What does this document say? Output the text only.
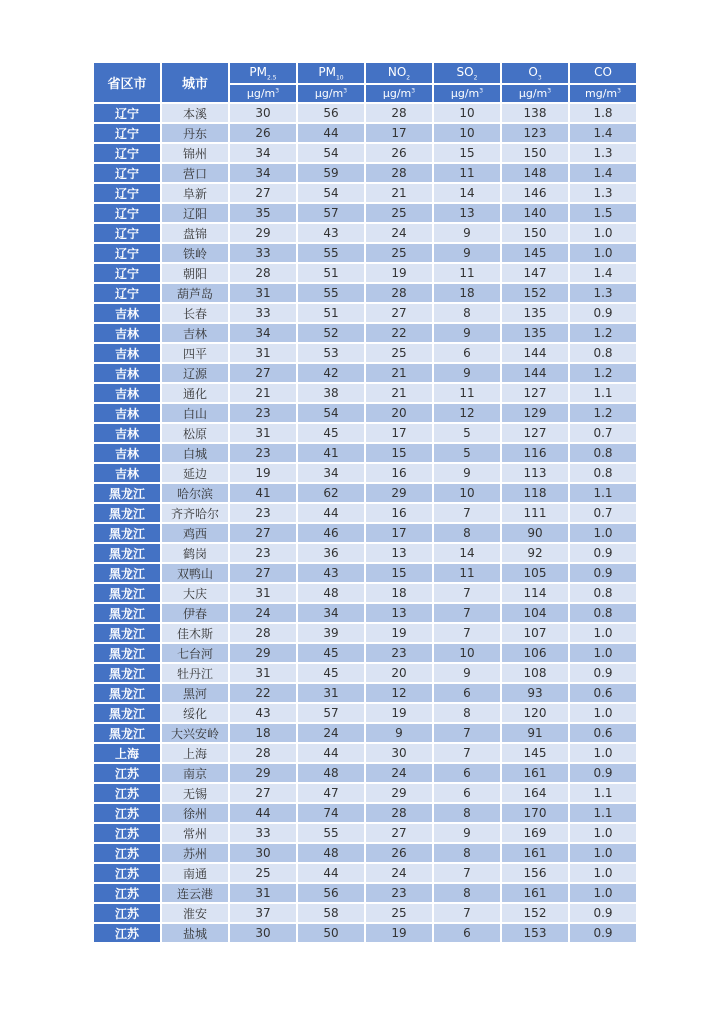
省区市	城市	$PM_{2.5}$	$PM_{10}$	$NO_2$	$SO_2$	$O_3$	CO
		$\mu g/m^3$	$\mu g/m^3$	$\mu g/m^3$	$\mu g/m^3$	$\mu g/m^3$	$mg/m^3$
辽宁	本溪	30	56	28	10	138	1.8
辽宁	丹东	26	44	17	10	123	1.4
辽宁	锦州	34	54	26	15	150	1.3
辽宁	营口	34	59	28	11	148	1.4
辽宁	阜新	27	54	21	14	146	1.3
辽宁	辽阳	35	57	25	13	140	1.5
辽宁	盘锦	29	43	24	9	150	1.0
辽宁	铁岭	33	55	25	9	145	1.0
辽宁	朝阳	28	51	19	11	147	1.4
辽宁	葫芦岛	31	55	28	18	152	1.3
吉林	长春	33	51	27	8	135	0.9
吉林	吉林	34	52	22	9	135	1.2
吉林	四平	31	53	25	6	144	0.8
吉林	辽源	27	42	21	9	144	1.2
吉林	通化	21	38	21	11	127	1.1
吉林	白山	23	54	20	12	129	1.2
吉林	松原	31	45	17	5	127	0.7
吉林	白城	23	41	15	5	116	0.8
吉林	延边	19	34	16	9	113	0.8
黑龙江	哈尔滨	41	62	29	10	118	1.1
黑龙江	齐齐哈尔	23	44	16	7	111	0.7
黑龙江	鸡西	27	46	17	8	90	1.0
黑龙江	鹤岗	23	36	13	14	92	0.9
黑龙江	双鸭山	27	43	15	11	105	0.9
黑龙江	大庆	31	48	18	7	114	0.8
黑龙江	伊春	24	34	13	7	104	0.8
黑龙江	佳木斯	28	39	19	7	107	1.0
黑龙江	七台河	29	45	23	10	106	1.0
黑龙江	牡丹江	31	45	20	9	108	0.9
黑龙江	黑河	22	31	12	6	93	0.6
黑龙江	绥化	43	57	19	8	120	1.0
黑龙江	大兴安岭	18	24	9	7	91	0.6
上海	上海	28	44	30	7	145	1.0
江苏	南京	29	48	24	6	161	0.9
江苏	无锡	27	47	29	6	164	1.1
江苏	徐州	44	74	28	8	170	1.1
江苏	常州	33	55	27	9	169	1.0
江苏	苏州	30	48	26	8	161	1.0
江苏	南通	25	44	24	7	156	1.0
江苏	连云港	31	56	23	8	161	1.0
江苏	淮安	37	58	25	7	152	0.9
江苏	盐城	30	50	19	6	153	0.9
